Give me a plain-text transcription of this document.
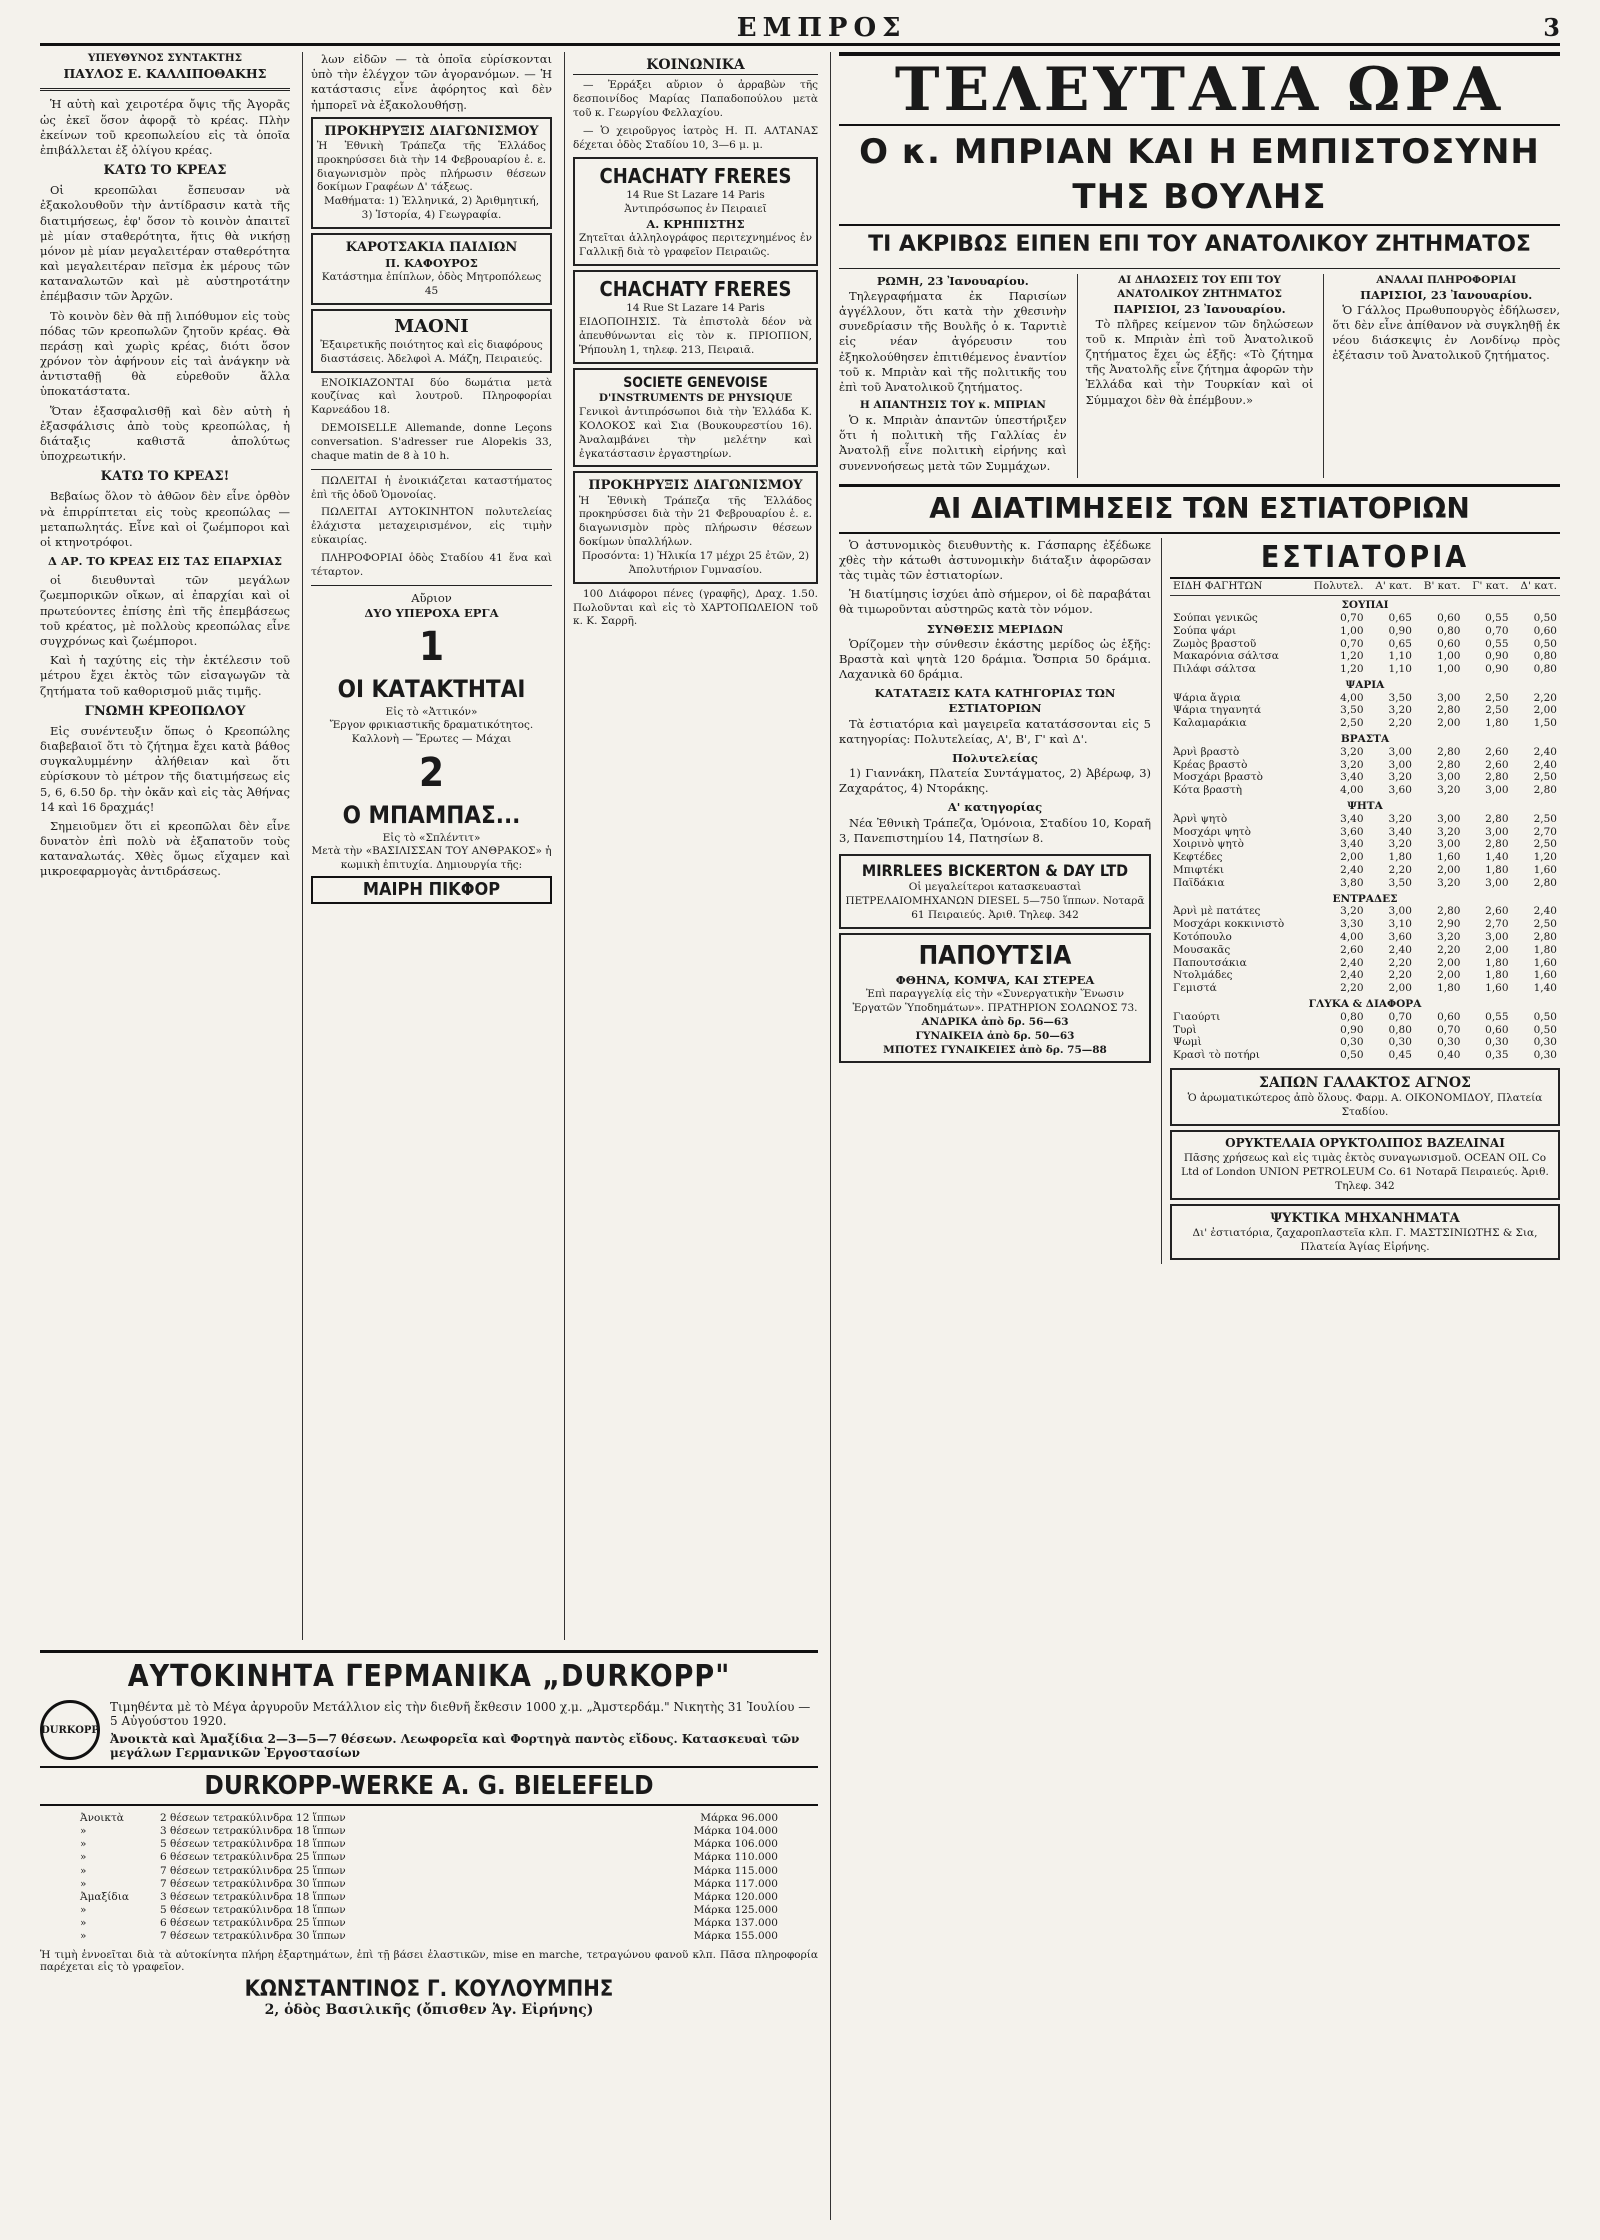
ΕΜΠΡΟΣ	3
ΥΠΕΥΘΥΝΟΣ ΣΥΝΤΑΚΤΗΣ
ΠΑΥΛΟΣ Ε. ΚΑΛΛΙΠΟΘΑΚΗΣ

Ἡ αὐτὴ καὶ χειροτέρα ὄψις τῆς Ἀγορᾶς ὡς ἐκεῖ ὅσον ἀφορᾷ τὸ κρέας. Πλὴν ἐκείνων τοῦ κρεοπωλείου εἰς τὰ ὁποῖα ἐπιβάλλεται ἐξ ὀλίγου κρέας.

ΚΑΤΩ ΤΟ ΚΡΕΑΣ

Οἱ κρεοπῶλαι ἔσπευσαν νὰ ἐξακολουθοῦν τὴν ἀντίδρασιν κατὰ τῆς διατιμήσεως, ἐφ' ὅσον τὸ κοινὸν ἀπαιτεῖ μὲ μίαν σταθερότητα, ἥτις θὰ νικήσῃ μόνον μὲ μίαν μεγαλειτέραν σταθερότητα καὶ μεγαλειτέραν πεῖσμα ἐκ μέρους τῶν καταναλωτῶν καὶ μὲ αὐστηροτάτην ἐπέμβασιν τῶν Ἀρχῶν.

Τὸ κοινὸν δὲν θὰ πῇ λιπόθυμον εἰς τοὺς πόδας τῶν κρεοπωλῶν ζητοῦν κρέας. Θὰ περάσῃ καὶ χωρὶς κρέας, διότι ὅσον χρόνον τὸν ἀφήνουν εἰς ταὶ ἀνάγκην νὰ ἀντισταθῇ θὰ εὑρεθοῦν ἄλλα ὑποκατάστατα.

Ὅταν ἐξασφαλισθῇ καὶ δὲν αὐτὴ ἡ ἐξασφάλισις ἀπὸ τοὺς κρεοπώλας, ἡ διάταξις καθιστᾶ ἀπολύτως ὑποχρεωτικήν.

ΚΑΤΩ ΤΟ ΚΡΕΑΣ!

Βεβαίως ὅλον τὸ ἀθῶον δὲν εἶνε ὀρθὸν νὰ ἐπιρρίπτεται εἰς τοὺς κρεοπώλας — μεταπωλητάς. Εἶνε καὶ οἱ ζωέμποροι καὶ οἱ κτηνοτρόφοι.

Δ ΑΡ. ΤΟ ΚΡΕΑΣ ΕΙΣ ΤΑΣ ΕΠΑΡΧΙΑΣ

οἱ διευθυνταὶ τῶν μεγάλων ζωεμπορικῶν οἴκων, αἱ ἐπαρχίαι καὶ οἱ πρωτεύοντες ἐπίσης ἐπὶ τῆς ἐπεμβάσεως τοῦ κρέατος, μὲ πολλοὺς κρεοπώλας εἶνε συγχρόνως καὶ ζωέμποροι.

Καὶ ἡ ταχύτης εἰς τὴν ἐκτέλεσιν τοῦ μέτρου ἔχει ἐκτὸς τῶν εἰσαγωγῶν τὰ ζητήματα τοῦ καθορισμοῦ μιᾶς τιμῆς.

ΓΝΩΜΗ ΚΡΕΟΠΩΛΟΥ

Εἰς συνέντευξιν ὅπως ὁ Κρεοπώλης διαβεβαιοῖ ὅτι τὸ ζήτημα ἔχει κατὰ βάθος συγκαλυμμένην ἀλήθειαν καὶ ὅτι εὑρίσκουν τὸ μέτρον τῆς διατιμήσεως εἰς 5, 6, 6.50 δρ. τὴν ὀκᾶν καὶ εἰς τὰς Ἀθήνας 14 καὶ 16 δραχμάς!

Σημειοῦμεν ὅτι εἰ κρεοπῶλαι δὲν εἶνε δυνατὸν ἐπὶ πολὺ νὰ ἐξαπατοῦν τοὺς καταναλωτάς. Χθὲς ὅμως εἴχαμεν καὶ μικροεφαρμογὰς ἀντιδράσεως.

λων εἰδῶν — τὰ ὁποῖα εὑρίσκονται ὑπὸ τὴν ἐλέγχον τῶν ἀγορανόμων. — Ἡ κατάστασις εἶνε ἀφόρητος καὶ δὲν ἠμπορεῖ νὰ ἐξακολουθήσῃ.

ΠΡΟΚΗΡΥΞΙΣ ΔΙΑΓΩΝΙΣΜΟΥ
Ἡ Ἐθνικὴ Τράπεζα τῆς Ἑλλάδος προκηρύσσει διὰ τὴν 14 Φεβρουαρίου ἐ. ε. διαγωνισμὸν πρὸς πλήρωσιν θέσεων δοκίμων Γραφέων Δ' τάξεως.
Μαθήματα: 1) Ἑλληνικά, 2) Ἀριθμητική, 3) Ἱστορία, 4) Γεωγραφία.
ΚΑΡΟΤΣΑΚΙΑ ΠΑΙΔΙΩΝ
Π. ΚΑΦΟΥΡΟΣ
Κατάστημα ἐπίπλων, ὁδὸς Μητροπόλεως 45
ΜΑΟΝΙ
Ἐξαιρετικῆς ποιότητος καὶ εἰς διαφόρους διαστάσεις. Ἀδελφοὶ Α. Μάζη, Πειραιεύς.

ΕΝΟΙΚΙΑΖΟΝΤΑΙ δύο δωμάτια μετὰ κουζίνας καὶ λουτροῦ. Πληροφορίαι Καρνεάδου 18.

DEMOISELLE Allemande, donne Leçons conversation. S'adresser rue Alopekis 33, chaque matin de 8 à 10 h.

ΠΩΛΕΙΤΑΙ ἡ ἐνοικιάζεται καταστήματος ἐπὶ τῆς ὁδοῦ Ὁμονοίας.

ΠΩΛΕΙΤΑΙ ΑΥΤΟΚΙΝΗΤΟΝ πολυτελείας ἐλάχιστα μεταχειρισμένον, εἰς τιμὴν εὐκαιρίας.

ΠΛΗΡΟΦΟΡΙΑΙ ὁδὸς Σταδίου 41 ἕνα καὶ τέταρτον.

Αὔριον
ΔΥΟ ΥΠΕΡΟΧΑ ΕΡΓΑ
1
ΟΙ ΚΑΤΑΚΤΗΤΑΙ
Εἰς τὸ «Ἀττικόν»
Ἔργον φρικιαστικῆς δραματικότητος. Καλλονὴ — Ἔρωτες — Μάχαι
2
Ο ΜΠΑΜΠΑΣ...
Εἰς τὸ «Σπλέντιτ»
Μετὰ τὴν «ΒΑΣΙΛΙΣΣΑΝ ΤΟΥ ΑΝΘΡΑΚΟΣ» ἡ κωμικὴ ἐπιτυχία. Δημιουργία τῆς:
ΜΑΙΡΗ ΠΙΚΦΟΡ
ΚΟΙΝΩΝΙΚΑ

— Ἐρράξει αὔριον ὁ ἀρραβὼν τῆς δεσποινίδος Μαρίας Παπαδοπούλου μετὰ τοῦ κ. Γεωργίου Φελλαχίου.

— Ὁ χειροῦργος ἰατρὸς Η. Π. ΑΛΤΑΝΑΣ δέχεται ὁδὸς Σταδίου 10, 3—6 μ. μ.

CHACHATY FRERES
14 Rue St Lazare 14 Paris
Ἀντιπρόσωπος ἐν Πειραιεῖ
Α. ΚΡΗΠΙΣΤΗΣ
Ζητεῖται ἀλληλογράφος περιτεχνημένος ἐν Γαλλικῇ διὰ τὸ γραφεῖον Πειραιῶς.
CHACHATY FRERES
14 Rue St Lazare 14 Paris
ΕΙΔΟΠΟΙΗΣΙΣ. Τὰ ἐπιστολὰ δέον νὰ ἀπευθύνωνται εἰς τὸν κ. ΠΡΙΟΠΙΟΝ, Ῥήπουλη 1, τηλεφ. 213, Πειραιᾶ.
SOCIETE GENEVOISE
D'INSTRUMENTS DE PHYSIQUE
Γενικοὶ ἀντιπρόσωποι διὰ τὴν Ἑλλάδα Κ. ΚΟΛΟΚΟΣ καὶ Σια (Βουκουρεστίου 16). Ἀναλαμβάνει τὴν μελέτην καὶ ἐγκατάστασιν ἐργαστηρίων.
ΠΡΟΚΗΡΥΞΙΣ ΔΙΑΓΩΝΙΣΜΟΥ
Ἡ Ἐθνικὴ Τράπεζα τῆς Ἑλλάδος προκηρύσσει διὰ τὴν 21 Φεβρουαρίου ἐ. ε. διαγωνισμὸν πρὸς πλήρωσιν θέσεων δοκίμων ὑπαλλήλων.
Προσόντα: 1) Ἡλικία 17 μέχρι 25 ἐτῶν, 2) Ἀπολυτήριον Γυμνασίου.

100 Διάφοροι πένες (γραφῆς), Δραχ. 1.50. Πωλοῦνται καὶ εἰς τὸ ΧΑΡΤΟΠΩΛΕΙΟΝ τοῦ κ. Κ. Σαρρῆ.

ΑΥΤΟΚΙΝΗΤΑ ΓΕΡΜΑΝΙΚΑ „DURKOPP"
DURKOPP
Τιμηθέντα μὲ τὸ Μέγα ἀργυροῦν Μετάλλιον εἰς τὴν διεθνῆ ἔκθεσιν 1000 χ.μ. „Ἀμστερδάμ." Νικητὴς 31 Ἰουλίου — 5 Αὐγούστου 1920.
Ἀνοικτὰ καὶ Ἀμαξίδια 2—3—5—7 θέσεων. Λεωφορεῖα καὶ Φορτηγὰ παντὸς εἴδους. Κατασκευαὶ τῶν μεγάλων Γερμανικῶν Ἐργοστασίων
DURKOPP-WERKE A. G. BIELEFELD
Ἀνοικτὰ	2 θέσεων τετρακύλινδρα 12 ἵππων	Μάρκα 96.000
»	3 θέσεων τετρακύλινδρα 18 ἵππων	Μάρκα 104.000
»	5 θέσεων τετρακύλινδρα 18 ἵππων	Μάρκα 106.000
»	6 θέσεων τετρακύλινδρα 25 ἵππων	Μάρκα 110.000
»	7 θέσεων τετρακύλινδρα 25 ἵππων	Μάρκα 115.000
»	7 θέσεων τετρακύλινδρα 30 ἵππων	Μάρκα 117.000
Ἀμαξίδια	3 θέσεων τετρακύλινδρα 18 ἵππων	Μάρκα 120.000
»	5 θέσεων τετρακύλινδρα 18 ἵππων	Μάρκα 125.000
»	6 θέσεων τετρακύλινδρα 25 ἵππων	Μάρκα 137.000
»	7 θέσεων τετρακύλινδρα 30 ἵππων	Μάρκα 155.000
Ἡ τιμὴ ἐννοεῖται διὰ τὰ αὐτοκίνητα πλήρη ἐξαρτημάτων, ἐπὶ τῇ βάσει ἐλαστικῶν, mise en marche, τετραγώνου φανοῦ κλπ. Πᾶσα πληροφορία παρέχεται εἰς τὸ γραφεῖον.
ΚΩΝΣΤΑΝΤΙΝΟΣ Γ. ΚΟΥΛΟΥΜΠΗΣ
2, ὁδὸς Βασιλικῆς (ὄπισθεν Ἁγ. Εἰρήνης)
ΤΕΛΕΥΤΑΙΑ ΩΡΑ
Ο κ. ΜΠΡΙΑΝ ΚΑΙ Η ΕΜΠΙΣΤΟΣΥΝΗ ΤΗΣ ΒΟΥΛΗΣ
ΤΙ ΑΚΡΙΒΩΣ ΕΙΠΕΝ ΕΠΙ ΤΟΥ ΑΝΑΤΟΛΙΚΟΥ ΖΗΤΗΜΑΤΟΣ
ΡΩΜΗ, 23 Ἰανουαρίου.

Τηλεγραφήματα ἐκ Παρισίων ἀγγέλλουν, ὅτι κατὰ τὴν χθεσινὴν συνεδρίασιν τῆς Βουλῆς ὁ κ. Ταρντιὲ εἰς νέαν ἀγόρευσιν του ἐξηκολούθησεν ἐπιτιθέμενος ἐναντίον τοῦ κ. Μπριὰν καὶ τῆς πολιτικῆς του ἐπὶ τοῦ Ἀνατολικοῦ ζητήματος.

Η ΑΠΑΝΤΗΣΙΣ ΤΟΥ κ. ΜΠΡΙΑΝ

Ὁ κ. Μπριὰν ἀπαντῶν ὑπεστήριξεν ὅτι ἡ πολιτικὴ τῆς Γαλλίας ἐν Ἀνατολῇ εἶνε πολιτικὴ εἰρήνης καὶ συνεννοήσεως μετὰ τῶν Συμμάχων.

ΑΙ ΔΗΛΩΣΕΙΣ ΤΟΥ ΕΠΙ ΤΟΥ ΑΝΑΤΟΛΙΚΟΥ ΖΗΤΗΜΑΤΟΣ
ΠΑΡΙΣΙΟΙ, 23 Ἰανουαρίου.

Τὸ πλῆρες κείμενον τῶν δηλώσεων τοῦ κ. Μπριὰν ἐπὶ τοῦ Ἀνατολικοῦ ζητήματος ἔχει ὡς ἑξῆς: «Τὸ ζήτημα τῆς Ἀνατολῆς εἶνε ζήτημα ἀφορῶν τὴν Ἑλλάδα καὶ τὴν Τουρκίαν καὶ οἱ Σύμμαχοι δὲν θὰ ἐπέμβουν.»

ΑΝΑΛΑΙ ΠΛΗΡΟΦΟΡΙΑΙ
ΠΑΡΙΣΙΟΙ, 23 Ἰανουαρίου.

Ὁ Γάλλος Πρωθυπουργὸς ἐδήλωσεν, ὅτι δὲν εἶνε ἀπίθανον νὰ συγκληθῇ ἐκ νέου διάσκεψις ἐν Λονδίνῳ πρὸς ἐξέτασιν τοῦ Ἀνατολικοῦ ζητήματος.

ΑΙ ΔΙΑΤΙΜΗΣΕΙΣ ΤΩΝ ΕΣΤΙΑΤΟΡΙΩΝ

Ὁ ἀστυνομικὸς διευθυντὴς κ. Γάσπαρης ἐξέδωκε χθὲς τὴν κάτωθι ἀστυνομικὴν διάταξιν ἀφορῶσαν τὰς τιμὰς τῶν ἐστιατορίων.

Ἡ διατίμησις ἰσχύει ἀπὸ σήμερον, οἱ δὲ παραβάται θὰ τιμωροῦνται αὐστηρῶς κατὰ τὸν νόμον.

ΣΥΝΘΕΣΙΣ ΜΕΡΙΔΩΝ

Ὁρίζομεν τὴν σύνθεσιν ἑκάστης μερίδος ὡς ἑξῆς: Βραστὰ καὶ ψητὰ 120 δράμια. Ὄσπρια 50 δράμια. Λαχανικὰ 60 δράμια.

ΚΑΤΑΤΑΞΙΣ ΚΑΤΑ ΚΑΤΗΓΟΡΙΑΣ ΤΩΝ ΕΣΤΙΑΤΟΡΙΩΝ

Τὰ ἐστιατόρια καὶ μαγειρεῖα κατατάσσονται εἰς 5 κατηγορίας: Πολυτελείας, Α', Β', Γ' καὶ Δ'.

Πολυτελείας

1) Γιαννάκη, Πλατεία Συντάγματος, 2) Ἀβέρωφ, 3) Ζαχαράτος, 4) Ντοράκης.

Α' κατηγορίας

Νέα Ἐθνικὴ Τράπεζα, Ὁμόνοια, Σταδίου 10, Κοραῆ 3, Πανεπιστημίου 14, Πατησίων 8.

MIRRLEES BICKERTON & DAY LTD
Οἱ μεγαλείτεροι κατασκευασταὶ ΠΕΤΡΕΛΑΙΟΜΗΧΑΝΩΝ DIESEL 5—750 ἵππων. Νοταρᾶ 61 Πειραιεύς. Ἀριθ. Τηλεφ. 342
ΠΑΠΟΥΤΣΙΑ
ΦΘΗΝΑ, ΚΟΜΨΑ, ΚΑΙ ΣΤΕΡΕΑ
Ἐπὶ παραγγελίᾳ εἰς τὴν «Συνεργατικὴν Ἕνωσιν Ἐργατῶν Ὑποδημάτων». ΠΡΑΤΗΡΙΟΝ ΣΟΛΩΝΟΣ 73.
ΑΝΔΡΙΚΑ ἀπὸ δρ. 56—63
ΓΥΝΑΙΚΕΙΑ ἀπὸ δρ. 50—63
ΜΠΟΤΕΣ ΓΥΝΑΙΚΕΙΕΣ ἀπὸ δρ. 75—88
ΕΣΤΙΑΤΟΡΙΑ
ΕΙΔΗ ΦΑΓΗΤΩΝ	Πολυτελ.	Α' κατ.	Β' κατ.	Γ' κατ.	Δ' κατ.
ΣΟΥΠΑΙ					
Σούπαι γενικῶς	0,70	0,65	0,60	0,55	0,50
Σούπα ψάρι	1,00	0,90	0,80	0,70	0,60
Ζωμὸς βραστοῦ	0,70	0,65	0,60	0,55	0,50
Μακαρόνια σάλτσα	1,20	1,10	1,00	0,90	0,80
Πιλάφι σάλτσα	1,20	1,10	1,00	0,90	0,80
ΨΑΡΙΑ					
Ψάρια ἄγρια	4,00	3,50	3,00	2,50	2,20
Ψάρια τηγανητά	3,50	3,20	2,80	2,50	2,00
Καλαμαράκια	2,50	2,20	2,00	1,80	1,50
ΒΡΑΣΤΑ					
Ἀρνὶ βραστὸ	3,20	3,00	2,80	2,60	2,40
Κρέας βραστὸ	3,20	3,00	2,80	2,60	2,40
Μοσχάρι βραστὸ	3,40	3,20	3,00	2,80	2,50
Κότα βραστὴ	4,00	3,60	3,20	3,00	2,80
ΨΗΤΑ					
Ἀρνὶ ψητὸ	3,40	3,20	3,00	2,80	2,50
Μοσχάρι ψητὸ	3,60	3,40	3,20	3,00	2,70
Χοιρινὸ ψητὸ	3,40	3,20	3,00	2,80	2,50
Κεφτέδες	2,00	1,80	1,60	1,40	1,20
Μπιφτέκι	2,40	2,20	2,00	1,80	1,60
Παϊδάκια	3,80	3,50	3,20	3,00	2,80
ΕΝΤΡΑΔΕΣ					
Ἀρνὶ μὲ πατάτες	3,20	3,00	2,80	2,60	2,40
Μοσχάρι κοκκινιστὸ	3,30	3,10	2,90	2,70	2,50
Κοτόπουλο	4,00	3,60	3,20	3,00	2,80
Μουσακᾶς	2,60	2,40	2,20	2,00	1,80
Παπουτσάκια	2,40	2,20	2,00	1,80	1,60
Ντολμάδες	2,40	2,20	2,00	1,80	1,60
Γεμιστά	2,20	2,00	1,80	1,60	1,40
ΓΛΥΚΑ & ΔΙΑΦΟΡΑ					
Γιαούρτι	0,80	0,70	0,60	0,55	0,50
Τυρὶ	0,90	0,80	0,70	0,60	0,50
Ψωμὶ	0,30	0,30	0,30	0,30	0,30
Κρασὶ τὸ ποτήρι	0,50	0,45	0,40	0,35	0,30
ΣΑΠΩΝ ΓΑΛΑΚΤΟΣ ΑΓΝΟΣ
Ὁ ἀρωματικώτερος ἀπὸ ὅλους. Φαρμ. Α. ΟΙΚΟΝΟΜΙΔΟΥ, Πλατεία Σταδίου.
ΟΡΥΚΤΕΛΑΙΑ ΟΡΥΚΤΟΛΙΠΟΣ ΒΑΖΕΛΙΝΑΙ
Πᾶσης χρήσεως καὶ εἰς τιμὰς ἐκτὸς συναγωνισμοῦ. OCEAN OIL Co Ltd of London UNION PETROLEUM Co. 61 Νοταρᾶ Πειραιεύς. Ἀριθ. Τηλεφ. 342
ΨΥΚΤΙΚΑ ΜΗΧΑΝΗΜΑΤΑ
Δι' ἐστιατόρια, ζαχαροπλαστεῖα κλπ. Γ. ΜΑΣΤΣΙΝΙΩΤΗΣ & Σια, Πλατεία Ἁγίας Εἰρήνης.
